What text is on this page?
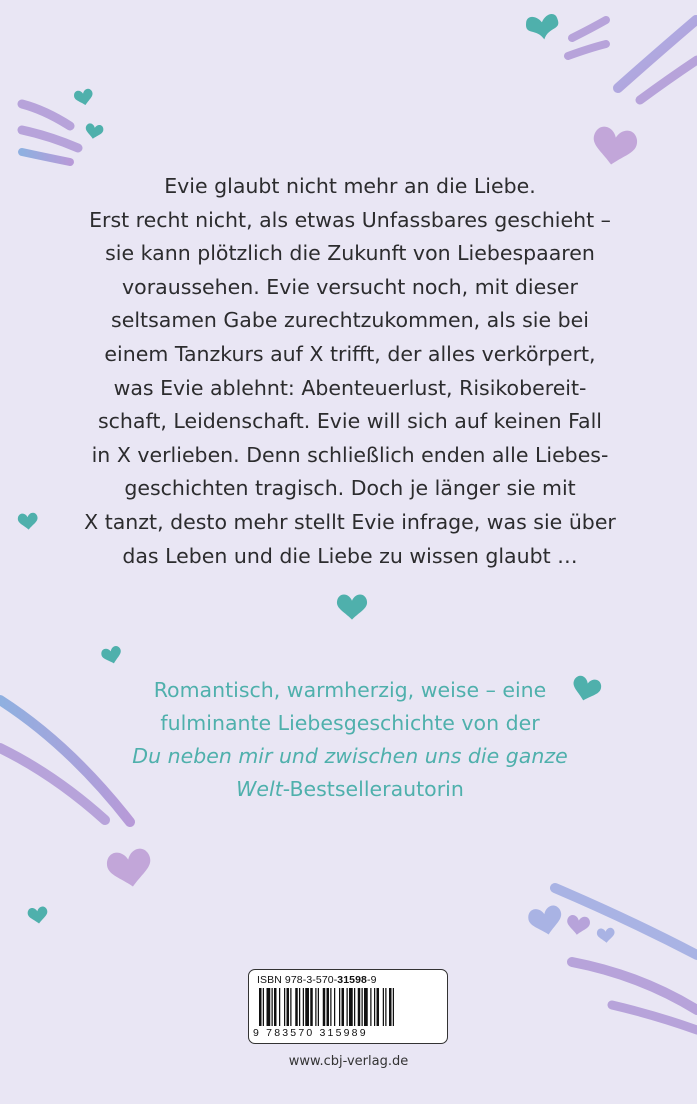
Evie glaubt nicht mehr an die Liebe.
Erst recht nicht, als etwas Unfassbares geschieht –
sie kann plötzlich die Zukunft von Liebespaaren
voraussehen. Evie versucht noch, mit dieser
seltsamen Gabe zurechtzukommen, als sie bei
einem Tanzkurs auf X trifft, der alles verkörpert,
was Evie ablehnt: Abenteuerlust, Risikobereit-
schaft, Leidenschaft. Evie will sich auf keinen Fall
in X verlieben. Denn schließlich enden alle Liebes-
geschichten tragisch. Doch je länger sie mit
X tanzt, desto mehr stellt Evie infrage, was sie über
das Leben und die Liebe zu wissen glaubt …
Romantisch, warmherzig, weise – eine
fulminante Liebesgeschichte von der
Du neben mir und zwischen uns die ganze
Welt-Bestsellerautorin
ISBN 978-3-570-31598-9
9 783570 315989
www.cbj-verlag.de
